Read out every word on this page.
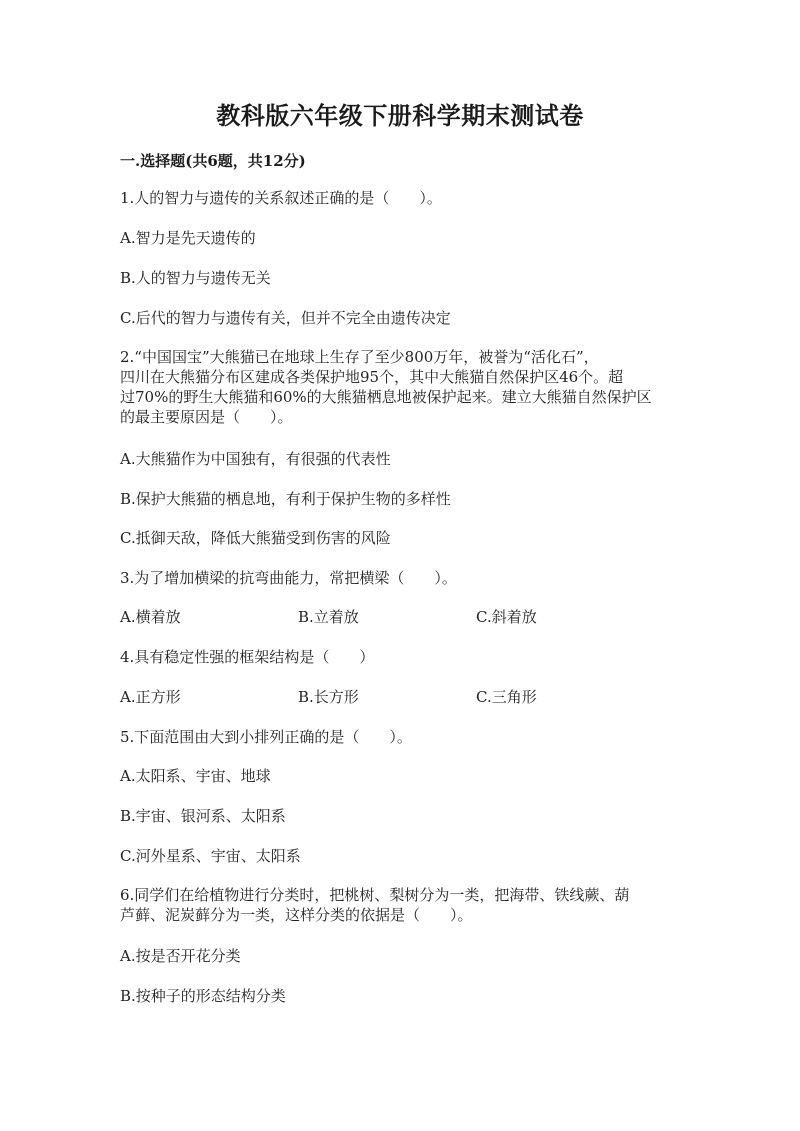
教科版六年级下册科学期末测试卷
一.选择题(共6题，共12分)
1.人的智力与遗传的关系叙述正确的是（　　）。
A.智力是先天遗传的
B.人的智力与遗传无关
C.后代的智力与遗传有关，但并不完全由遗传决定
2.“中国国宝”大熊猫已在地球上生存了至少800万年，被誉为“活化石”，
四川在大熊猫分布区建成各类保护地95个，其中大熊猫自然保护区46个。超
过70%的野生大熊猫和60%的大熊猫栖息地被保护起来。建立大熊猫自然保护区
的最主要原因是（　　）。
A.大熊猫作为中国独有，有很强的代表性
B.保护大熊猫的栖息地，有利于保护生物的多样性
C.抵御天敌，降低大熊猫受到伤害的风险
3.为了增加横梁的抗弯曲能力，常把横梁（　　）。
A.横着放	B.立着放	C.斜着放
4.具有稳定性强的框架结构是（　　）
A.正方形	B.长方形	C.三角形
5.下面范围由大到小排列正确的是（　　）。
A.太阳系、宇宙、地球
B.宇宙、银河系、太阳系
C.河外星系、宇宙、太阳系
6.同学们在给植物进行分类时，把桃树、梨树分为一类，把海带、铁线蕨、葫
芦藓、泥炭藓分为一类，这样分类的依据是（　　）。
A.按是否开花分类
B.按种子的形态结构分类
